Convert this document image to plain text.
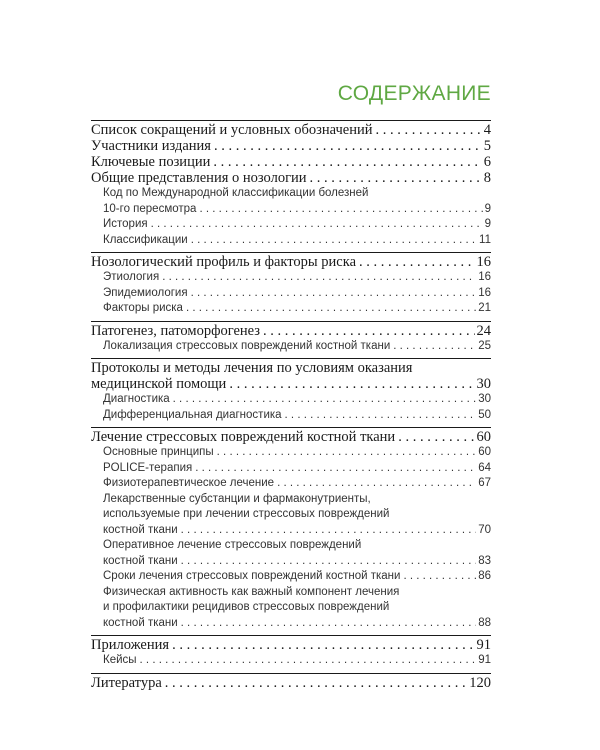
СОДЕРЖАНИЕ
Список сокращений и условных обозначений . . .	4
Участники издания . . .	5
Ключевые позиции . . .	6
Общие представления о нозологии . . .	8
Код по Международной классификации болезней
10-го пересмотра . . .	9
История . . .	9
Классификации . . .	11
Нозологический профиль и факторы риска . . .	16
Этиология . . .	16
Эпидемиология . . .	16
Факторы риска . . .	21
Патогенез, патоморфогенез . . .	24
Локализация стрессовых повреждений костной ткани . . .	25
Протоколы и методы лечения по условиям оказания
медицинской помощи . . .	30
Диагностика . . .	30
Дифференциальная диагностика . . .	50
Лечение стрессовых повреждений костной ткани . . .	60
Основные принципы . . .	60
POLICE-терапия . . .	64
Физиотерапевтическое лечение . . .	67
Лекарственные субстанции и фармаконутриенты,
используемые при лечении стрессовых повреждений
костной ткани . . .	70
Оперативное лечение стрессовых повреждений
костной ткани . . .	83
Сроки лечения стрессовых повреждений костной ткани . . .	86
Физическая активность как важный компонент лечения
и профилактики рецидивов стрессовых повреждений
костной ткани . . .	88
Приложения . . .	91
Кейсы . . .	91
Литература . . .	120
